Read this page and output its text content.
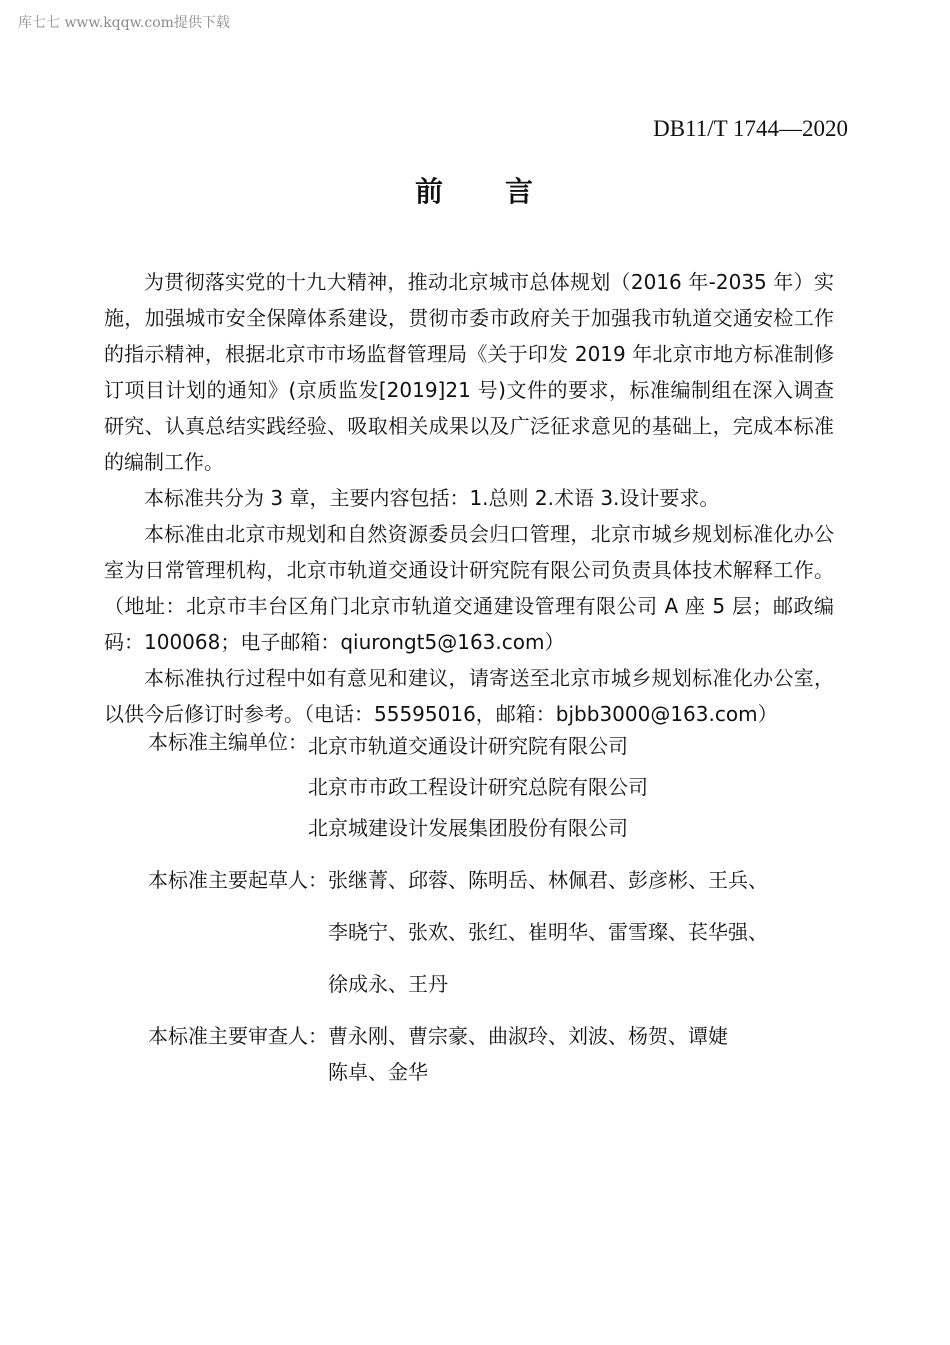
库七七 www.kqqw.com提供下载
DB11/T 1744—2020
前　　言

为贯彻落实党的十九大精神，推动北京城市总体规划（2016 年-2035 年）实施，加强城市安全保障体系建设，贯彻市委市政府关于加强我市轨道交通安检工作的指示精神，根据北京市市场监督管理局《关于印发 2019 年北京市地方标准制修订项目计划的通知》(京质监发[2019]21 号)文件的要求，标准编制组在深入调查研究、认真总结实践经验、吸取相关成果以及广泛征求意见的基础上，完成本标准的编制工作。

本标准共分为 3 章，主要内容包括：1.总则 2.术语 3.设计要求。

本标准由北京市规划和自然资源委员会归口管理，北京市城乡规划标准化办公室为日常管理机构，北京市轨道交通设计研究院有限公司负责具体技术解释工作。（地址：北京市丰台区角门北京市轨道交通建设管理有限公司 A 座 5 层；邮政编码：100068；电子邮箱：qiurongt5@163.com）

本标准执行过程中如有意见和建议，请寄送至北京市城乡规划标准化办公室，以供今后修订时参考。（电话：55595016，邮箱：bjbb3000@163.com）

本标准主编单位： 北京市轨道交通设计研究院有限公司
北京市市政工程设计研究总院有限公司
北京城建设计发展集团股份有限公司
本标准主要起草人： 张继菁、邱蓉、陈明岳、林佩君、彭彦彬、王兵、
李晓宁、张欢、张红、崔明华、雷雪璨、苌华强、
徐成永、王丹
本标准主要审查人： 曹永刚、曹宗豪、曲淑玲、刘波、杨贺、谭婕
陈卓、金华
